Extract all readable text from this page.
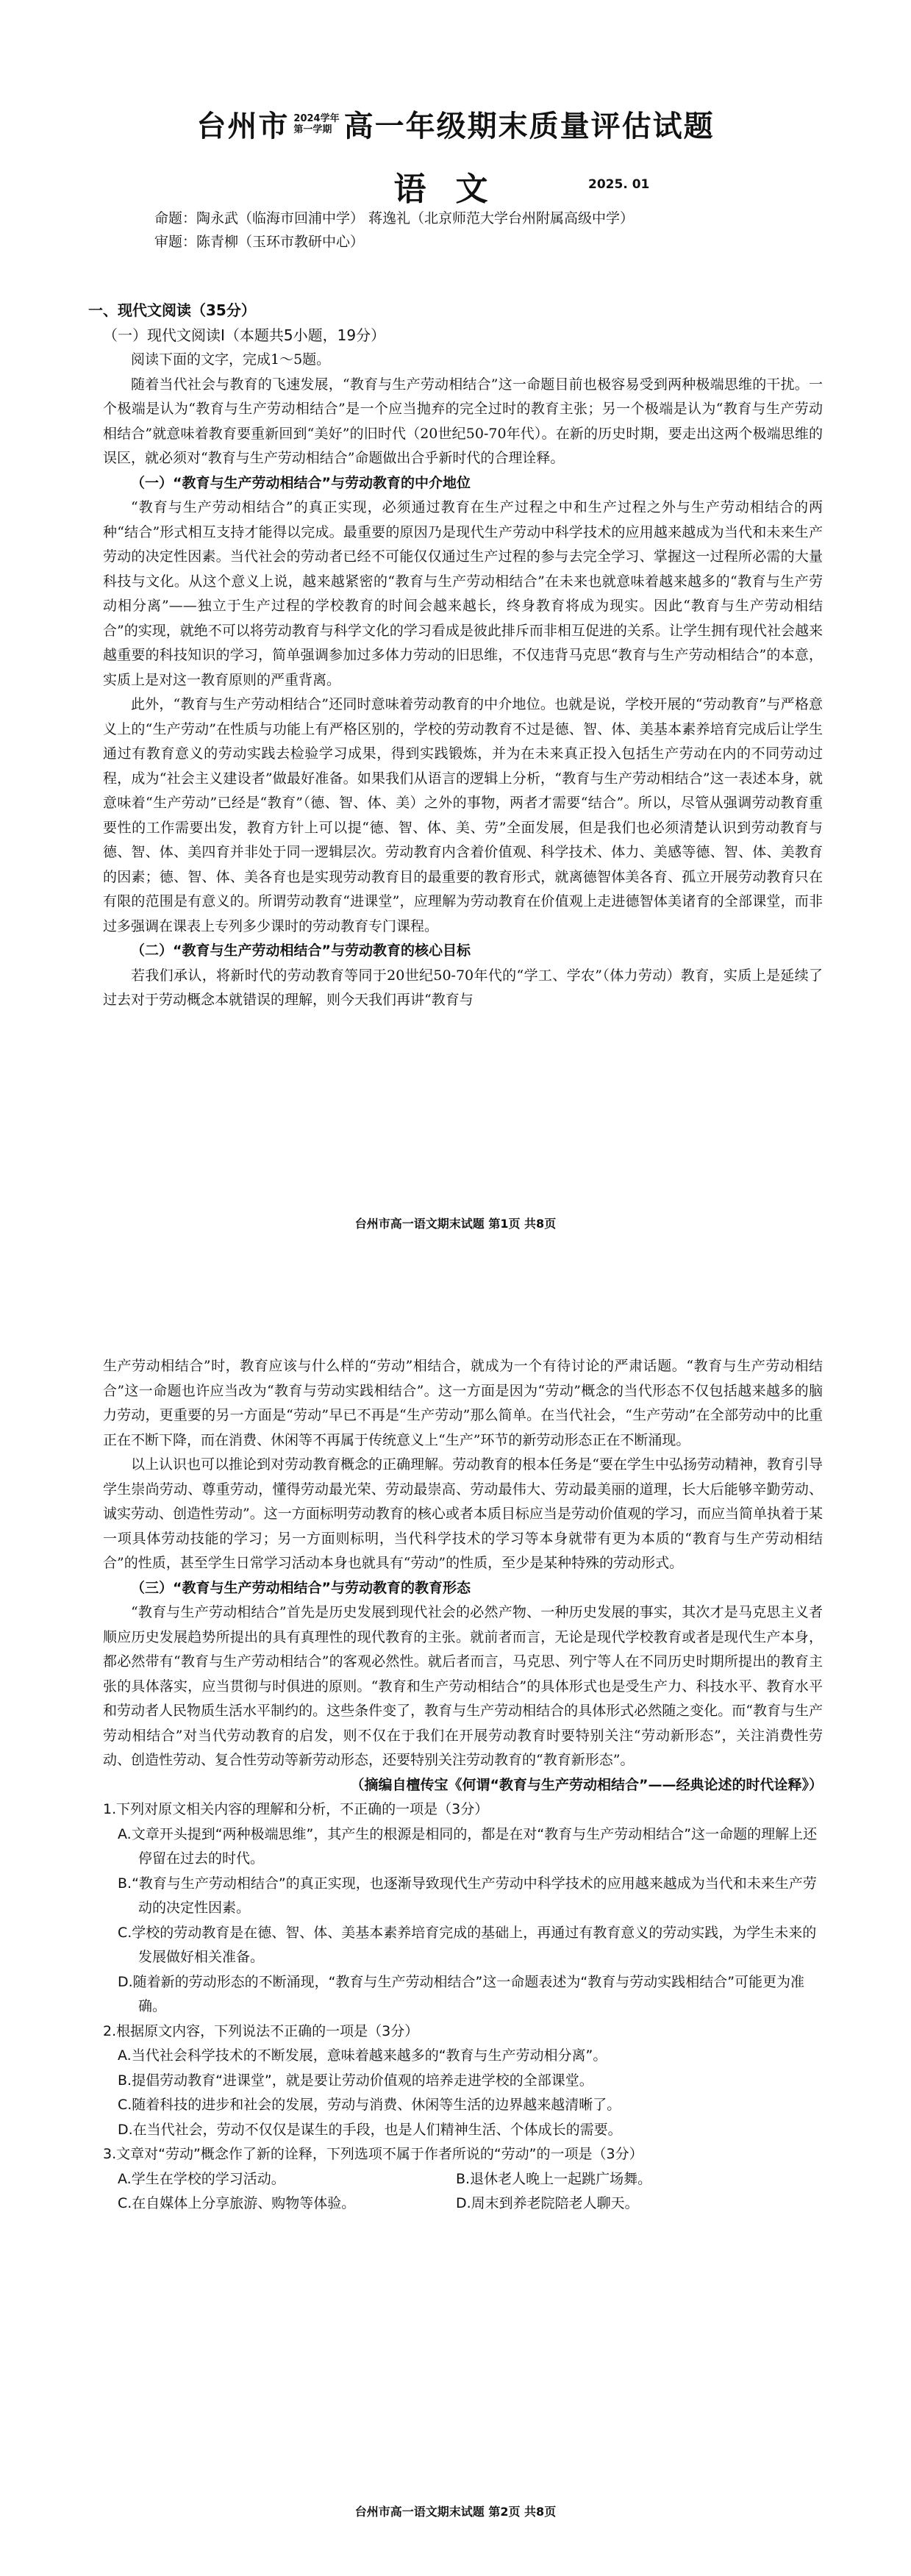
台州市 2024学年
第一学期 高一年级期末质量评估试题
语文	2025. 01
命题：陶永武（临海市回浦中学） 蒋逸礼（北京师范大学台州附属高级中学）
审题：陈青柳（玉环市教研中心）
一、现代文阅读（35分）
（一）现代文阅读Ⅰ（本题共5小题，19分）

阅读下面的文字，完成1～5题。

随着当代社会与教育的飞速发展，“教育与生产劳动相结合”这一命题目前也极容易受到两种极端思维的干扰。一个极端是认为“教育与生产劳动相结合”是一个应当抛弃的完全过时的教育主张；另一个极端是认为“教育与生产劳动相结合”就意味着教育要重新回到“美好”的旧时代（20世纪50-70年代）。在新的历史时期，要走出这两个极端思维的误区，就必须对“教育与生产劳动相结合”命题做出合乎新时代的合理诠释。

（一）“教育与生产劳动相结合”与劳动教育的中介地位

“教育与生产劳动相结合”的真正实现，必须通过教育在生产过程之中和生产过程之外与生产劳动相结合的两种“结合”形式相互支持才能得以完成。最重要的原因乃是现代生产劳动中科学技术的应用越来越成为当代和未来生产劳动的决定性因素。当代社会的劳动者已经不可能仅仅通过生产过程的参与去完全学习、掌握这一过程所必需的大量科技与文化。从这个意义上说，越来越紧密的“教育与生产劳动相结合”在未来也就意味着越来越多的“教育与生产劳动相分离”——独立于生产过程的学校教育的时间会越来越长，终身教育将成为现实。因此“教育与生产劳动相结合”的实现，就绝不可以将劳动教育与科学文化的学习看成是彼此排斥而非相互促进的关系。让学生拥有现代社会越来越重要的科技知识的学习，简单强调参加过多体力劳动的旧思维，不仅违背马克思“教育与生产劳动相结合”的本意，实质上是对这一教育原则的严重背离。

此外，“教育与生产劳动相结合”还同时意味着劳动教育的中介地位。也就是说，学校开展的“劳动教育”与严格意义上的“生产劳动”在性质与功能上有严格区别的，学校的劳动教育不过是德、智、体、美基本素养培育完成后让学生通过有教育意义的劳动实践去检验学习成果，得到实践锻炼，并为在未来真正投入包括生产劳动在内的不同劳动过程，成为“社会主义建设者”做最好准备。如果我们从语言的逻辑上分析，“教育与生产劳动相结合”这一表述本身，就意味着“生产劳动”已经是“教育”（德、智、体、美）之外的事物，两者才需要“结合”。所以，尽管从强调劳动教育重要性的工作需要出发，教育方针上可以提“德、智、体、美、劳”全面发展，但是我们也必须清楚认识到劳动教育与德、智、体、美四育并非处于同一逻辑层次。劳动教育内含着价值观、科学技术、体力、美感等德、智、体、美教育的因素；德、智、体、美各育也是实现劳动教育目的最重要的教育形式，就离德智体美各育、孤立开展劳动教育只在有限的范围是有意义的。所谓劳动教育“进课堂”，应理解为劳动教育在价值观上走进德智体美诸育的全部课堂，而非过多强调在课表上专列多少课时的劳动教育专门课程。

（二）“教育与生产劳动相结合”与劳动教育的核心目标

若我们承认，将新时代的劳动教育等同于20世纪50-70年代的“学工、学农”（体力劳动）教育，实质上是延续了过去对于劳动概念本就错误的理解，则今天我们再讲“教育与

台州市高一语文期末试题 第1页 共8页

生产劳动相结合”时，教育应该与什么样的“劳动”相结合，就成为一个有待讨论的严肃话题。“教育与生产劳动相结合”这一命题也许应当改为“教育与劳动实践相结合”。这一方面是因为“劳动”概念的当代形态不仅包括越来越多的脑力劳动，更重要的另一方面是“劳动”早已不再是“生产劳动”那么简单。在当代社会，“生产劳动”在全部劳动中的比重正在不断下降，而在消费、休闲等不再属于传统意义上“生产”环节的新劳动形态正在不断涌现。

以上认识也可以推论到对劳动教育概念的正确理解。劳动教育的根本任务是“要在学生中弘扬劳动精神，教育引导学生崇尚劳动、尊重劳动，懂得劳动最光荣、劳动最崇高、劳动最伟大、劳动最美丽的道理，长大后能够辛勤劳动、诚实劳动、创造性劳动”。这一方面标明劳动教育的核心或者本质目标应当是劳动价值观的学习，而应当简单执着于某一项具体劳动技能的学习；另一方面则标明，当代科学技术的学习等本身就带有更为本质的“教育与生产劳动相结合”的性质，甚至学生日常学习活动本身也就具有“劳动”的性质，至少是某种特殊的劳动形式。

（三）“教育与生产劳动相结合”与劳动教育的教育形态

“教育与生产劳动相结合”首先是历史发展到现代社会的必然产物、一种历史发展的事实，其次才是马克思主义者顺应历史发展趋势所提出的具有真理性的现代教育的主张。就前者而言，无论是现代学校教育或者是现代生产本身，都必然带有“教育与生产劳动相结合”的客观必然性。就后者而言，马克思、列宁等人在不同历史时期所提出的教育主张的具体落实，应当贯彻与时俱进的原则。“教育和生产劳动相结合”的具体形式也是受生产力、科技水平、教育水平和劳动者人民物质生活水平制约的。这些条件变了，教育与生产劳动相结合的具体形式必然随之变化。而“教育与生产劳动相结合”对当代劳动教育的启发，则不仅在于我们在开展劳动教育时要特别关注“劳动新形态”，关注消费性劳动、创造性劳动、复合性劳动等新劳动形态，还要特别关注劳动教育的“教育新形态”。

（摘编自檀传宝《何谓“教育与生产劳动相结合”——经典论述的时代诠释》）

1.下列对原文相关内容的理解和分析，不正确的一项是（3分）

A.文章开头提到“两种极端思维”，其产生的根源是相同的，都是在对“教育与生产劳动相结合”这一命题的理解上还停留在过去的时代。

B.“教育与生产劳动相结合”的真正实现，也逐渐导致现代生产劳动中科学技术的应用越来越成为当代和未来生产劳动的决定性因素。

C.学校的劳动教育是在德、智、体、美基本素养培育完成的基础上，再通过有教育意义的劳动实践，为学生未来的发展做好相关准备。

D.随着新的劳动形态的不断涌现，“教育与生产劳动相结合”这一命题表述为“教育与劳动实践相结合”可能更为准确。

2.根据原文内容，下列说法不正确的一项是（3分）

A.当代社会科学技术的不断发展，意味着越来越多的“教育与生产劳动相分离”。

B.提倡劳动教育“进课堂”，就是要让劳动价值观的培养走进学校的全部课堂。

C.随着科技的进步和社会的发展，劳动与消费、休闲等生活的边界越来越清晰了。

D.在当代社会，劳动不仅仅是谋生的手段，也是人们精神生活、个体成长的需要。

3.文章对“劳动”概念作了新的诠释，下列选项不属于作者所说的“劳动”的一项是（3分）

A.学生在学校的学习活动。	B.退休老人晚上一起跳广场舞。
C.在自媒体上分享旅游、购物等体验。	D.周末到养老院陪老人聊天。
台州市高一语文期末试题 第2页 共8页
